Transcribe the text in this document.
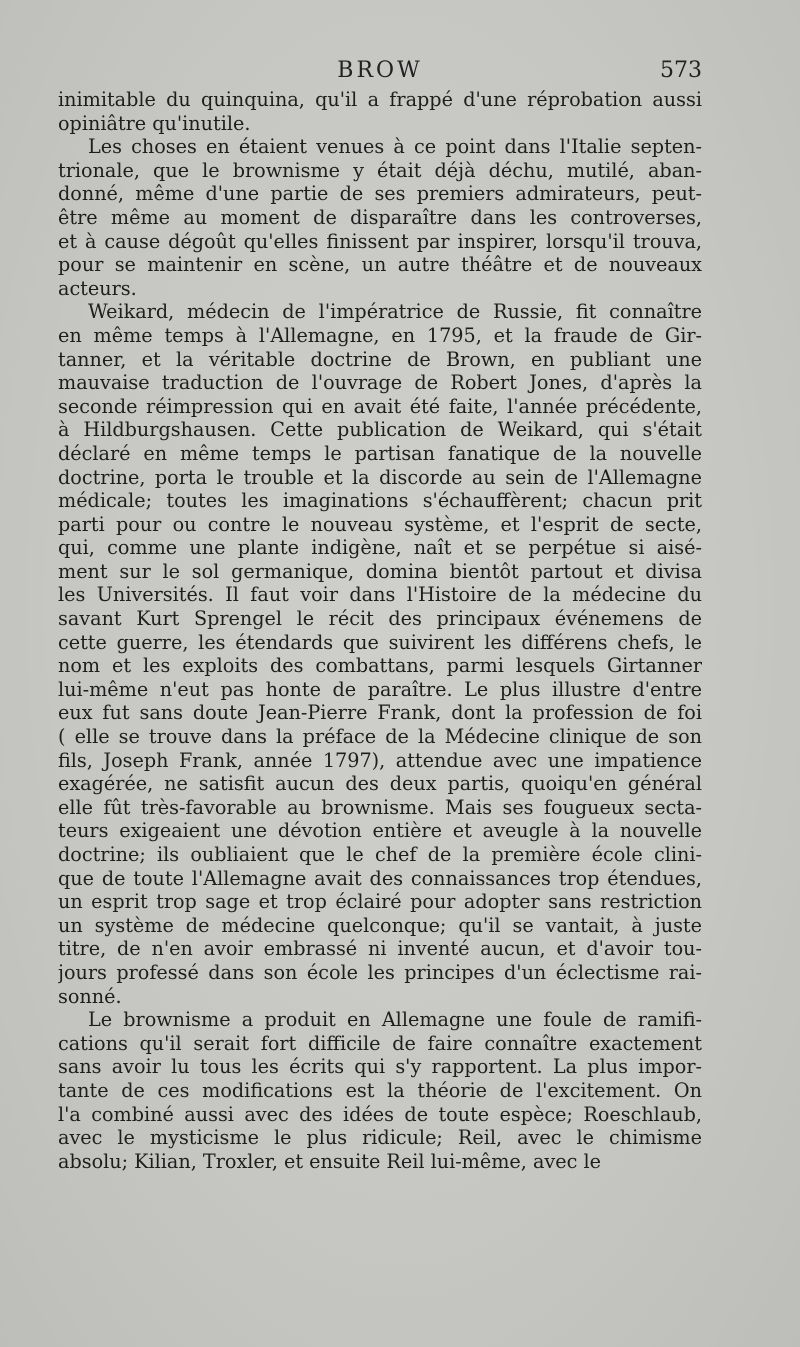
BROW	573
inimitable du quinquina, qu'il a frappé d'une réprobation aussi
opiniâtre qu'inutile.
Les choses en étaient venues à ce point dans l'Italie septen-
trionale, que le brownisme y était déjà déchu, mutilé, aban-
donné, même d'une partie de ses premiers admirateurs, peut-
être même au moment de disparaître dans les controverses,
et à cause dégoût qu'elles finissent par inspirer, lorsqu'il trouva,
pour se maintenir en scène, un autre théâtre et de nouveaux
acteurs.
Weikard, médecin de l'impératrice de Russie, fit connaître
en même temps à l'Allemagne, en 1795, et la fraude de Gir-
tanner, et la véritable doctrine de Brown, en publiant une
mauvaise traduction de l'ouvrage de Robert Jones, d'après la
seconde réimpression qui en avait été faite, l'année précédente,
à Hildburgshausen. Cette publication de Weikard, qui s'était
déclaré en même temps le partisan fanatique de la nouvelle
doctrine, porta le trouble et la discorde au sein de l'Allemagne
médicale; toutes les imaginations s'échauffèrent; chacun prit
parti pour ou contre le nouveau système, et l'esprit de secte,
qui, comme une plante indigène, naît et se perpétue si aisé-
ment sur le sol germanique, domina bientôt partout et divisa
les Universités. Il faut voir dans l'Histoire de la médecine du
savant Kurt Sprengel le récit des principaux événemens de
cette guerre, les étendards que suivirent les différens chefs, le
nom et les exploits des combattans, parmi lesquels Girtanner
lui-même n'eut pas honte de paraître. Le plus illustre d'entre
eux fut sans doute Jean-Pierre Frank, dont la profession de foi
( elle se trouve dans la préface de la Médecine clinique de son
fils, Joseph Frank, année 1797), attendue avec une impatience
exagérée, ne satisfit aucun des deux partis, quoiqu'en général
elle fût très-favorable au brownisme. Mais ses fougueux secta-
teurs exigeaient une dévotion entière et aveugle à la nouvelle
doctrine; ils oubliaient que le chef de la première école clini-
que de toute l'Allemagne avait des connaissances trop étendues,
un esprit trop sage et trop éclairé pour adopter sans restriction
un système de médecine quelconque; qu'il se vantait, à juste
titre, de n'en avoir embrassé ni inventé aucun, et d'avoir tou-
jours professé dans son école les principes d'un éclectisme rai-
sonné.
Le brownisme a produit en Allemagne une foule de ramifi-
cations qu'il serait fort difficile de faire connaître exactement
sans avoir lu tous les écrits qui s'y rapportent. La plus impor-
tante de ces modifications est la théorie de l'excitement. On
l'a combiné aussi avec des idées de toute espèce; Roeschlaub,
avec le mysticisme le plus ridicule; Reil, avec le chimisme
absolu; Kilian, Troxler, et ensuite Reil lui-même, avec le
